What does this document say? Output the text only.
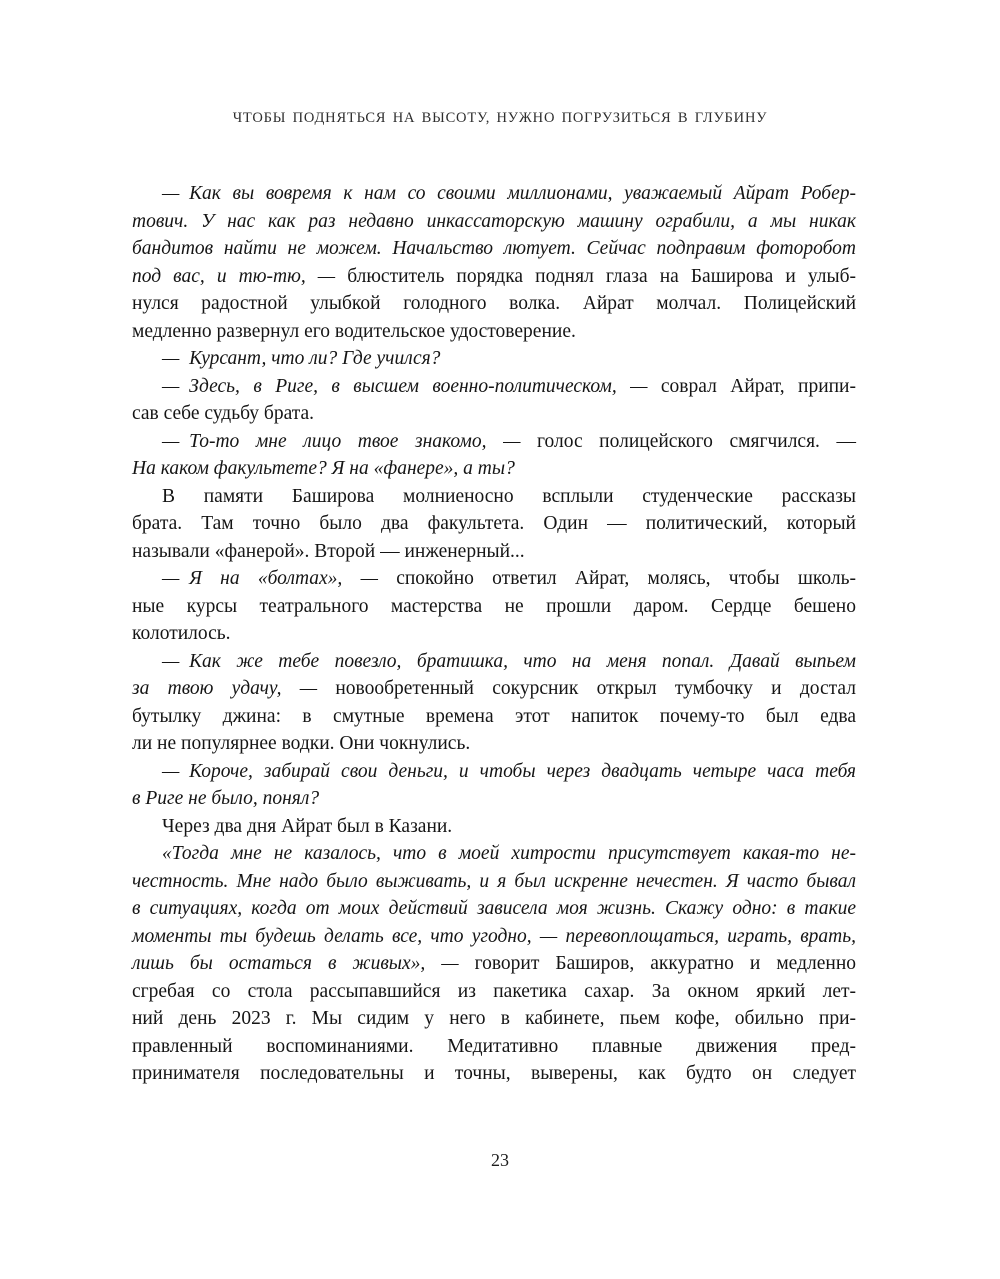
ЧТОБЫ ПОДНЯТЬСЯ НА ВЫСОТУ, НУЖНО ПОГРУЗИТЬСЯ В ГЛУБИНУ
— Как вы вовремя к нам со своими миллионами, уважаемый Айрат Робер-
тович. У нас как раз недавно инкассаторскую машину ограбили, а мы никак
бандитов найти не можем. Начальство лютует. Сейчас подправим фоторобот
под вас, и тю-тю, — блюститель порядка поднял глаза на Баширова и улыб-
нулся радостной улыбкой голодного волка. Айрат молчал. Полицейский
медленно развернул его водительское удостоверение.
— Курсант, что ли? Где учился?
— Здесь, в Риге, в высшем военно-политическом, — соврал Айрат, припи-
сав себе судьбу брата.
— То-то мне лицо твое знакомо, — голос полицейского смягчился. —
На каком факультете? Я на «фанере», а ты?
В памяти Баширова молниеносно всплыли студенческие рассказы
брата. Там точно было два факультета. Один — политический, который
называли «фанерой». Второй — инженерный...
— Я на «болтах», — спокойно ответил Айрат, молясь, чтобы школь-
ные курсы театрального мастерства не прошли даром. Сердце бешено
колотилось.
— Как же тебе повезло, братишка, что на меня попал. Давай выпьем
за твою удачу, — новообретенный сокурсник открыл тумбочку и достал
бутылку джина: в смутные времена этот напиток почему-то был едва
ли не популярнее водки. Они чокнулись.
— Короче, забирай свои деньги, и чтобы через двадцать четыре часа тебя
в Риге не было, понял?
Через два дня Айрат был в Казани.
«Тогда мне не казалось, что в моей хитрости присутствует какая-то не-
честность. Мне надо было выживать, и я был искренне нечестен. Я часто бывал
в ситуациях, когда от моих действий зависела моя жизнь. Скажу одно: в такие
моменты ты будешь делать все, что угодно, — перевоплощаться, играть, врать,
лишь бы остаться в живых», — говорит Баширов, аккуратно и медленно
сгребая со стола рассыпавшийся из пакетика сахар. За окном яркий лет-
ний день 2023 г. Мы сидим у него в кабинете, пьем кофе, обильно при-
правленный воспоминаниями. Медитативно плавные движения пред-
принимателя последовательны и точны, выверены, как будто он следует
23
